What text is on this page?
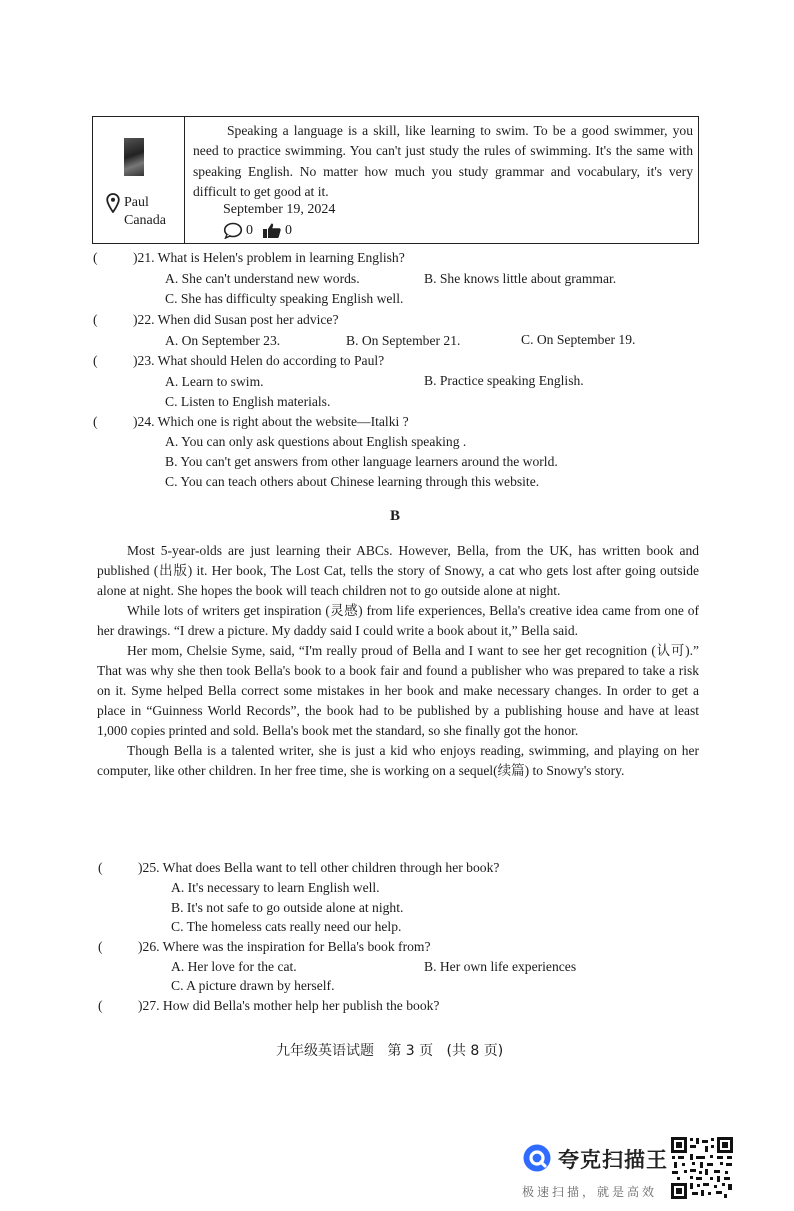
Paul
Canada

Speaking a language is a skill, like learning to swim. To be a good swimmer, you need to practice swimming. You can't just study the rules of swimming. It's the same with speaking English. No matter how much you study grammar and vocabulary, it's very difficult to get good at it.

September 19, 2024
0 0
(	)21. What is Helen's problem in learning English?
A. She can't understand new words.	B. She knows little about grammar.
C. She has difficulty speaking English well.
(	)22. When did Susan post her advice?
A. On September 23.	B. On September 21.	C. On September 19.
(	)23. What should Helen do according to Paul?
A. Learn to swim.	B. Practice speaking English.
C. Listen to English materials.
(	)24. Which one is right about the website—Italki ?
A. You can only ask questions about English speaking .
B. You can't get answers from other language learners around the world.
C. You can teach others about Chinese learning through this website.
B

Most 5-year-olds are just learning their ABCs. However, Bella, from the UK, has written book and published (出版) it. Her book, The Lost Cat, tells the story of Snowy, a cat who gets lost after going outside alone at night. She hopes the book will teach children not to go outside alone at night.

While lots of writers get inspiration (灵感) from life experiences, Bella's creative idea came from one of her drawings. “I drew a picture. My daddy said I could write a book about it,” Bella said.

Her mom, Chelsie Syme, said, “I'm really proud of Bella and I want to see her get recognition (认可).” That was why she then took Bella's book to a book fair and found a publisher who was prepared to take a risk on it. Syme helped Bella correct some mistakes in her book and make necessary changes. In order to get a place in “Guinness World Records”, the book had to be published by a publishing house and have at least 1,000 copies printed and sold. Bella's book met the standard, so she finally got the honor.

Though Bella is a talented writer, she is just a kid who enjoys reading, swimming, and playing on her computer, like other children. In her free time, she is working on a sequel(续篇) to Snowy's story.

(	)25. What does Bella want to tell other children through her book?
A. It's necessary to learn English well.
B. It's not safe to go outside alone at night.
C. The homeless cats really need our help.
(	)26. Where was the inspiration for Bella's book from?
A. Her love for the cat.	B. Her own life experiences
C. A picture drawn by herself.
(	)27. How did Bella's mother help her publish the book?
九年级英语试题   第 3 页   (共 8 页)
夸克扫描王
极速扫描，就是高效
